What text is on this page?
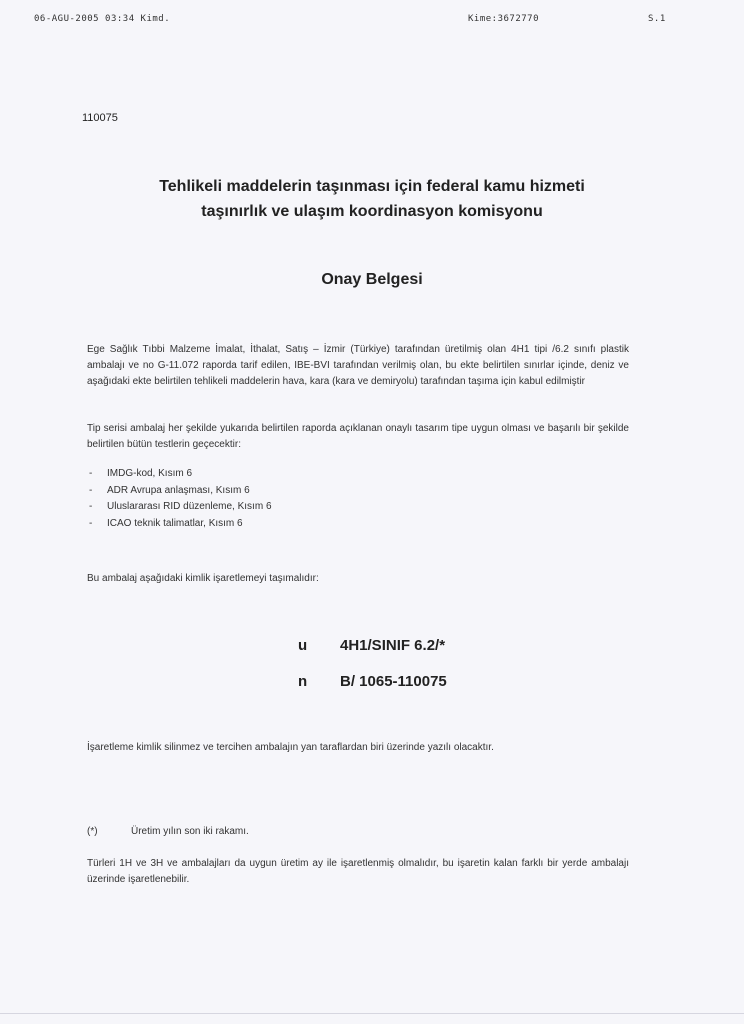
06-AGU-2005 03:34 Kimd.	Kime:3672770	S.1
110075
Tehlikeli maddelerin taşınması için federal kamu hizmeti
taşınırlık ve ulaşım koordinasyon komisyonu
Onay Belgesi
Ege Sağlık Tıbbi Malzeme İmalat, İthalat, Satış – İzmir (Türkiye) tarafından üretilmiş olan 4H1 tipi /6.2 sınıfı plastik ambalajı ve no G-11.072 raporda tarif edilen, IBE-BVI tarafından verilmiş olan, bu ekte belirtilen sınırlar içinde, deniz ve aşağıdaki ekte belirtilen tehlikeli maddelerin hava, kara (kara ve demiryolu) tarafından taşıma için kabul edilmiştir
Tip serisi ambalaj her şekilde yukarıda belirtilen raporda açıklanan onaylı tasarım tipe uygun olması ve başarılı bir şekilde belirtilen bütün testlerin geçecektir:
- IMDG-kod, Kısım 6
- ADR Avrupa anlaşması, Kısım 6
- Uluslararası RID düzenleme, Kısım 6
- ICAO teknik talimatlar, Kısım 6
Bu ambalaj aşağıdaki kimlik işaretlemeyi taşımalıdır:
u 4H1/SINIF 6.2/*
n B/ 1065-110075
İşaretleme kimlik silinmez ve tercihen ambalajın yan taraflardan biri üzerinde yazılı olacaktır.
(*)	Üretim yılın son iki rakamı.
Türleri 1H ve 3H ve ambalajları da uygun üretim ay ile işaretlenmiş olmalıdır, bu işaretin kalan farklı bir yerde ambalajı üzerinde işaretlenebilir.
